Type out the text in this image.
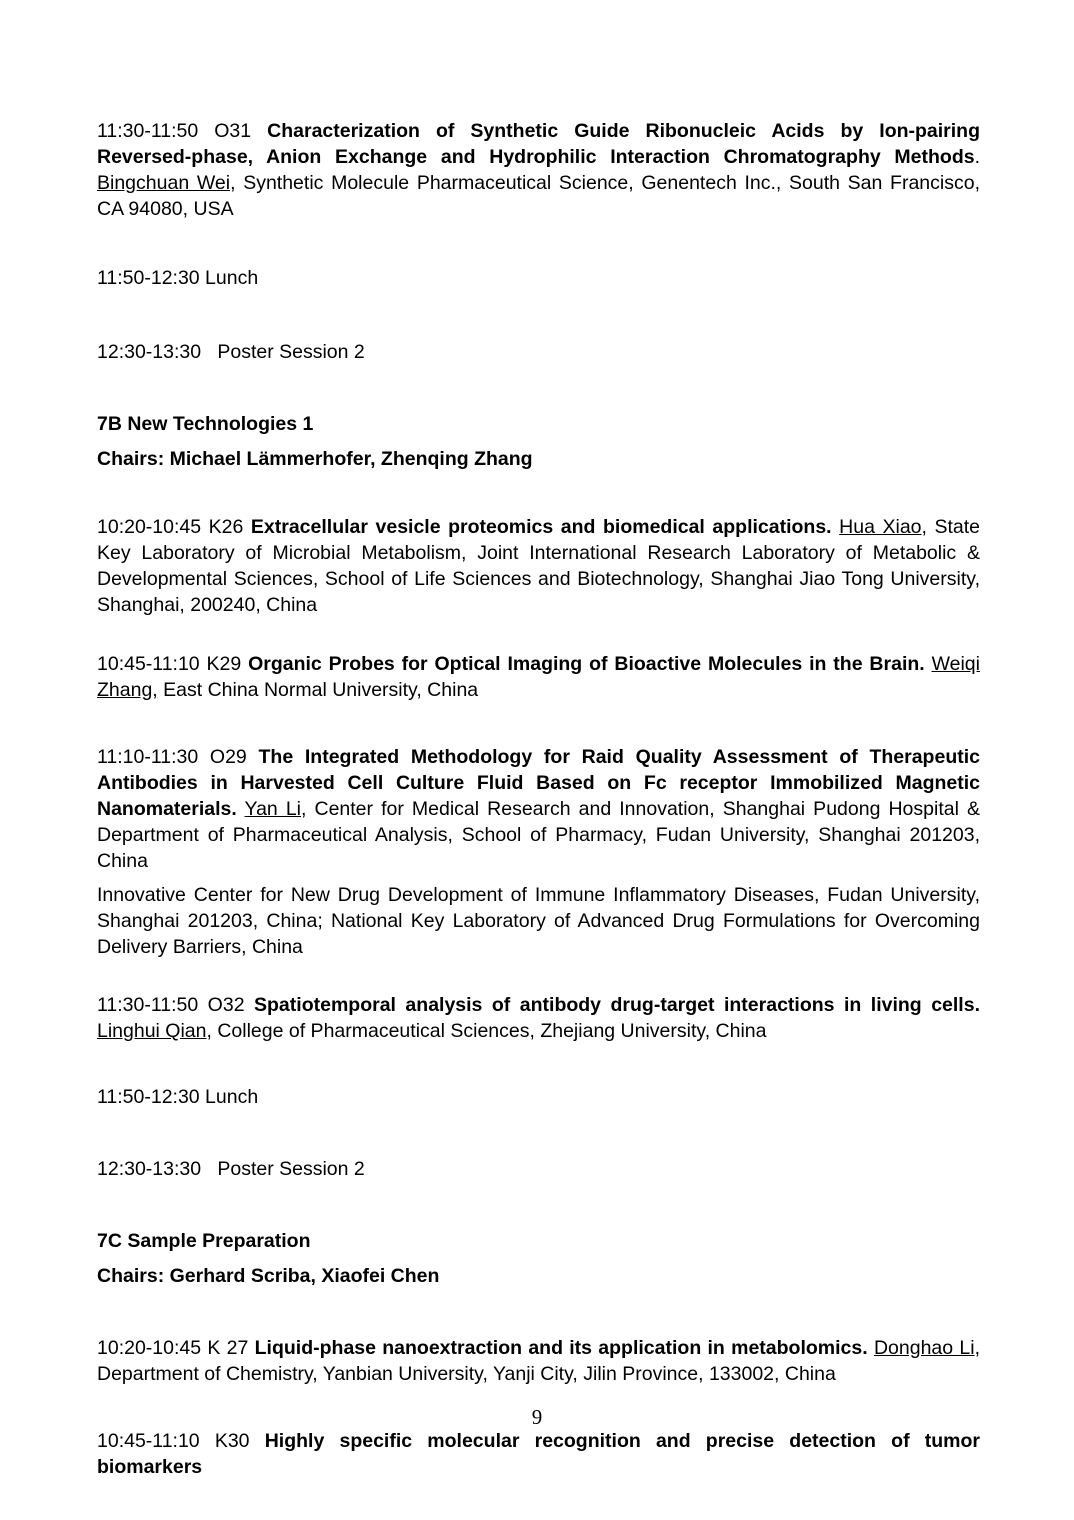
11:30-11:50 O31 Characterization of Synthetic Guide Ribonucleic Acids by Ion-pairing Reversed-phase, Anion Exchange and Hydrophilic Interaction Chromatography Methods. Bingchuan Wei, Synthetic Molecule Pharmaceutical Science, Genentech Inc., South San Francisco, CA 94080, USA

11:50-12:30 Lunch

12:30-13:30   Poster Session 2

7B New Technologies 1

Chairs: Michael Lämmerhofer, Zhenqing Zhang

10:20-10:45 K26 Extracellular vesicle proteomics and biomedical applications. Hua Xiao, State Key Laboratory of Microbial Metabolism, Joint International Research Laboratory of Metabolic & Developmental Sciences, School of Life Sciences and Biotechnology, Shanghai Jiao Tong University, Shanghai, 200240, China

10:45-11:10 K29 Organic Probes for Optical Imaging of Bioactive Molecules in the Brain. Weiqi Zhang, East China Normal University, China

11:10-11:30 O29 The Integrated Methodology for Raid Quality Assessment of Therapeutic Antibodies in Harvested Cell Culture Fluid Based on Fc receptor Immobilized Magnetic Nanomaterials. Yan Li, Center for Medical Research and Innovation, Shanghai Pudong Hospital & Department of Pharmaceutical Analysis, School of Pharmacy, Fudan University, Shanghai 201203, China

Innovative Center for New Drug Development of Immune Inflammatory Diseases, Fudan University, Shanghai 201203, China; National Key Laboratory of Advanced Drug Formulations for Overcoming Delivery Barriers, China

11:30-11:50 O32 Spatiotemporal analysis of antibody drug-target interactions in living cells. Linghui Qian, College of Pharmaceutical Sciences, Zhejiang University, China

11:50-12:30 Lunch

12:30-13:30   Poster Session 2

7C Sample Preparation

Chairs: Gerhard Scriba, Xiaofei Chen

10:20-10:45 K 27 Liquid-phase nanoextraction and its application in metabolomics. Donghao Li, Department of Chemistry, Yanbian University, Yanji City, Jilin Province, 133002, China

10:45-11:10 K30 Highly specific molecular recognition and precise detection of tumor biomarkers

9
